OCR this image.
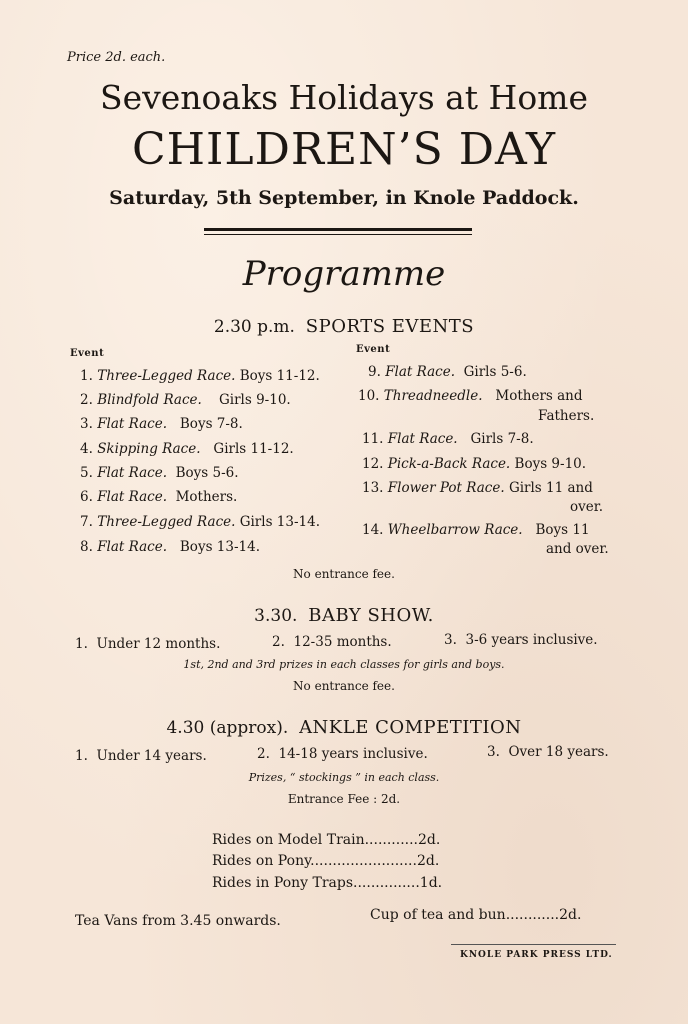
Price 2d. each.
Sevenoaks Holidays at Home
CHILDREN’S DAY
Saturday, 5th September, in Knole Paddock.
Programme
2.30 p.m. SPORTS EVENTS
Event	Event
1. Three-Legged Race. Boys 11-12.
2. Blindfold Race. Girls 9-10.
3. Flat Race. Boys 7-8.
4. Skipping Race. Girls 11-12.
5. Flat Race. Boys 5-6.
6. Flat Race. Mothers.
7. Three-Legged Race. Girls 13-14.
8. Flat Race. Boys 13-14.
9. Flat Race. Girls 5-6.
10. Threadneedle. Mothers and
Fathers.
11. Flat Race. Girls 7-8.
12. Pick-a-Back Race. Boys 9-10.
13. Flower Pot Race. Girls 11 and
over.
14. Wheelbarrow Race. Boys 11
and over.
No entrance fee.
3.30. BABY SHOW.
1. Under 12 months.	2. 12-35 months.	3. 3-6 years inclusive.
1st, 2nd and 3rd prizes in each classes for girls and boys.
No entrance fee.
4.30 (approx). ANKLE COMPETITION
1. Under 14 years.	2. 14-18 years inclusive.	3. Over 18 years.
Prizes, “ stockings ” in each class.
Entrance Fee : 2d.
Rides on Model Train............2d.
Rides on Pony........................2d.
Rides in Pony Traps...............1d.
Tea Vans from 3.45 onwards.	Cup of tea and bun............2d.
KNOLE PARK PRESS LTD.
